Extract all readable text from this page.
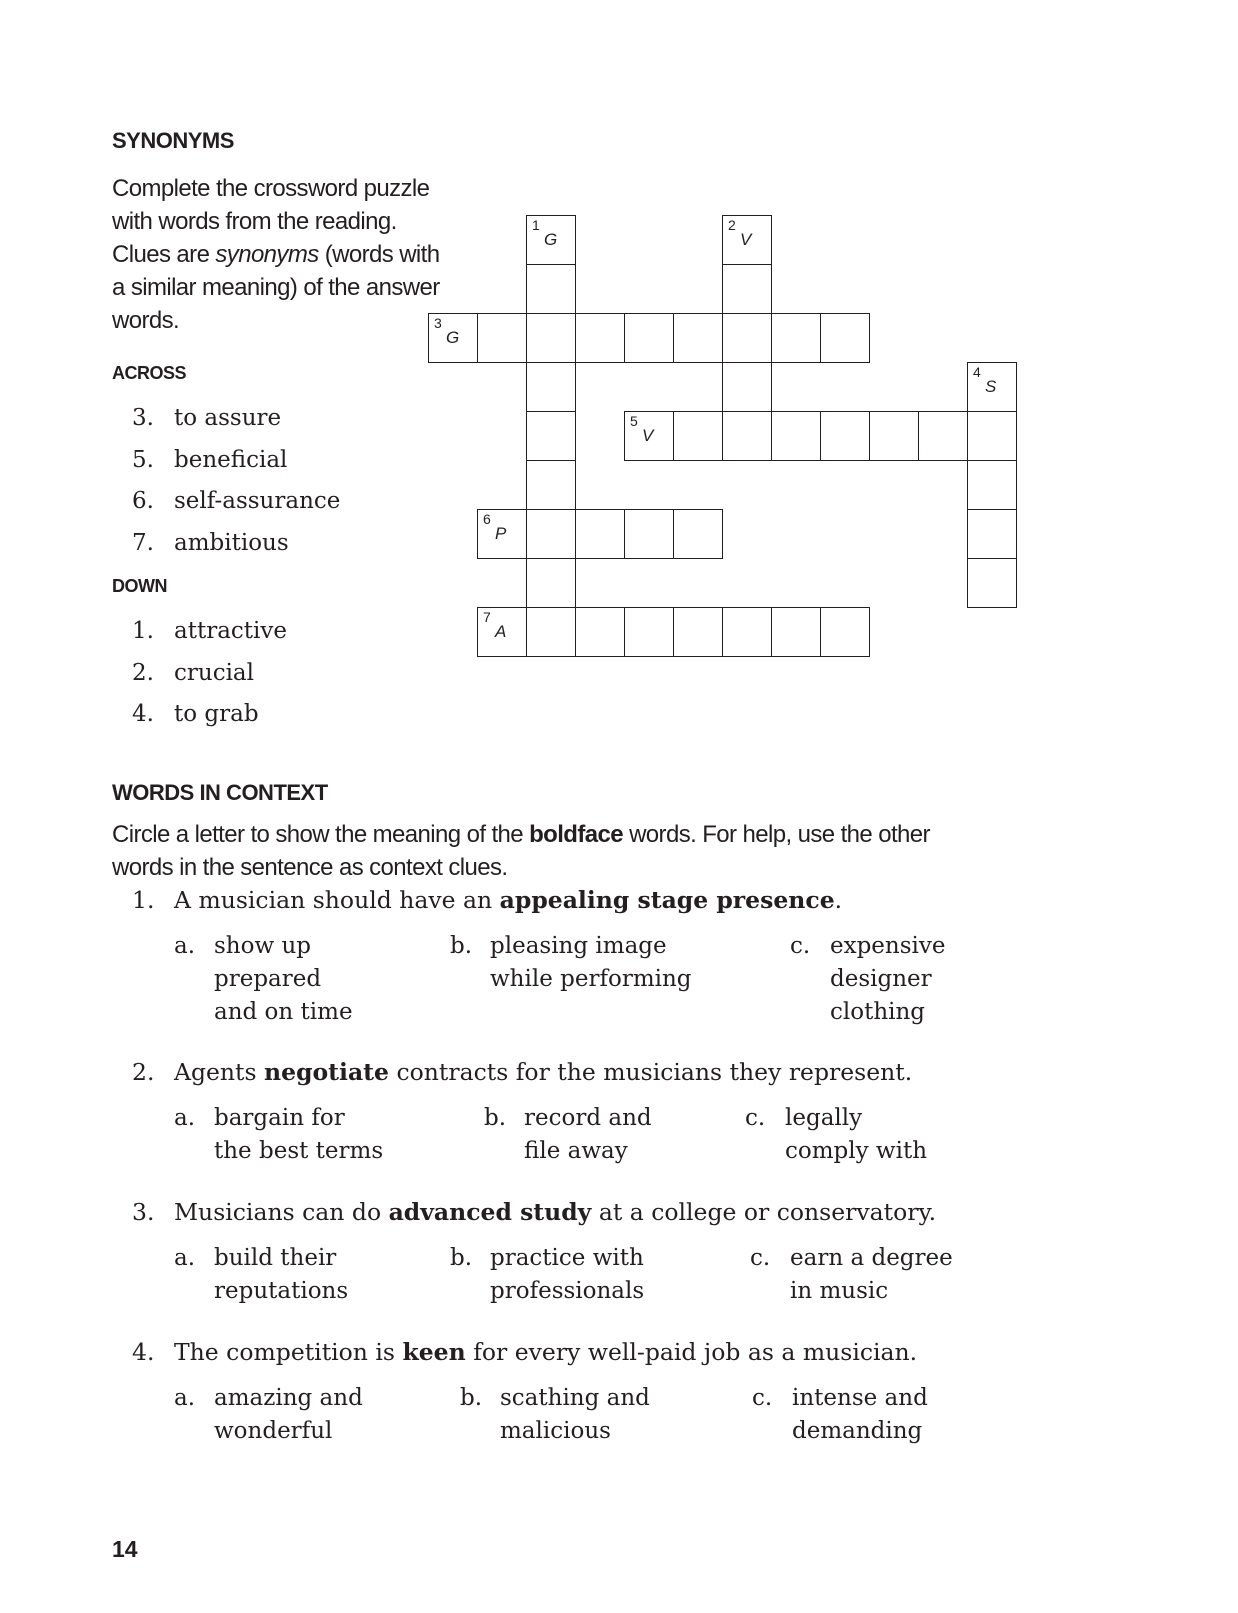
SYNONYMS
Complete the crossword puzzle with words from the reading. Clues are synonyms (words with a similar meaning) of the answer words.
ACROSS
3. to assure
5. beneficial
6. self-assurance
7. ambitious
DOWN
1. attractive
2. crucial
4. to grab
1
G
2
V
3
G
4
S
5
V
6
P
7
A
WORDS IN CONTEXT
Circle a letter to show the meaning of the boldface words. For help, use the other words in the sentence as context clues.
1. A musician should have an appealing stage presence.
a. show up
prepared
and on time
b. pleasing image
while performing
c. expensive
designer
clothing
2. Agents negotiate contracts for the musicians they represent.
a. bargain for
the best terms
b. record and
file away
c. legally
comply with
3. Musicians can do advanced study at a college or conservatory.
a. build their
reputations
b. practice with
professionals
c. earn a degree
in music
4. The competition is keen for every well-paid job as a musician.
a. amazing and
wonderful
b. scathing and
malicious
c. intense and
demanding
14
